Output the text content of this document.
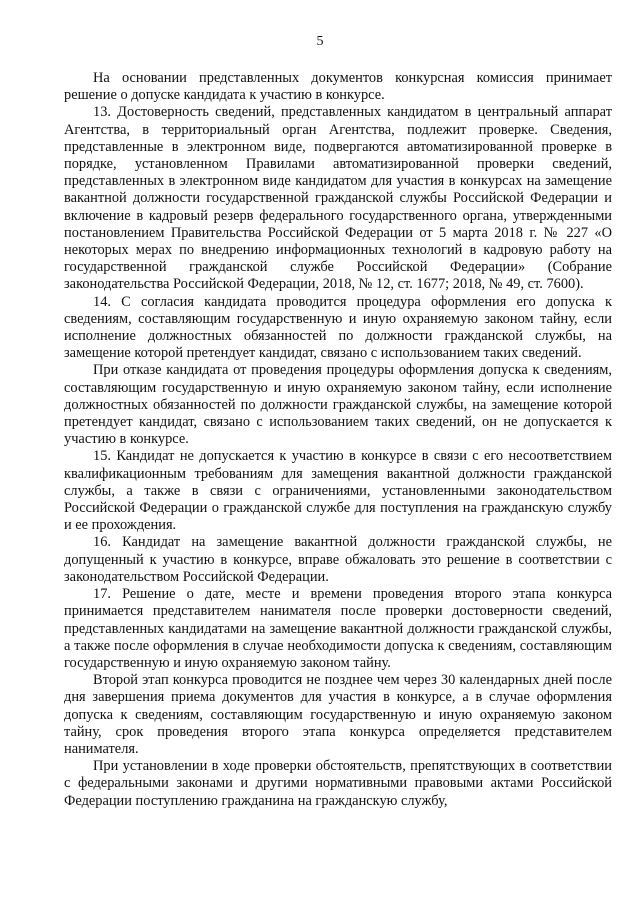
5

На основании представленных документов конкурсная комиссия принимает решение о допуске кандидата к участию в конкурсе.

13. Достоверность сведений, представленных кандидатом в центральный аппарат Агентства, в территориальный орган Агентства, подлежит проверке. Сведения, представленные в электронном виде, подвергаются автоматизированной проверке в порядке, установленном Правилами автоматизированной проверки сведений, представленных в электронном виде кандидатом для участия в конкурсах на замещение вакантной должности государственной гражданской службы Российской Федерации и включение в кадровый резерв федерального государственного органа, утвержденными постановлением Правительства Российской Федерации от 5 марта 2018 г. № 227 «О некоторых мерах по внедрению информационных технологий в кадровую работу на государственной гражданской службе Российской Федерации» (Собрание законодательства Российской Федерации, 2018, № 12, ст. 1677; 2018, № 49, ст. 7600).

14. С согласия кандидата проводится процедура оформления его допуска к сведениям, составляющим государственную и иную охраняемую законом тайну, если исполнение должностных обязанностей по должности гражданской службы, на замещение которой претендует кандидат, связано с использованием таких сведений.

При отказе кандидата от проведения процедуры оформления допуска к сведениям, составляющим государственную и иную охраняемую законом тайну, если исполнение должностных обязанностей по должности гражданской службы, на замещение которой претендует кандидат, связано с использованием таких сведений, он не допускается к участию в конкурсе.

15. Кандидат не допускается к участию в конкурсе в связи с его несоответствием квалификационным требованиям для замещения вакантной должности гражданской службы, а также в связи с ограничениями, установленными законодательством Российской Федерации о гражданской службе для поступления на гражданскую службу и ее прохождения.

16. Кандидат на замещение вакантной должности гражданской службы, не допущенный к участию в конкурсе, вправе обжаловать это решение в соответствии с законодательством Российской Федерации.

17. Решение о дате, месте и времени проведения второго этапа конкурса принимается представителем нанимателя после проверки достоверности сведений, представленных кандидатами на замещение вакантной должности гражданской службы, а также после оформления в случае необходимости допуска к сведениям, составляющим государственную и иную охраняемую законом тайну.

Второй этап конкурса проводится не позднее чем через 30 календарных дней после дня завершения приема документов для участия в конкурсе, а в случае оформления допуска к сведениям, составляющим государственную и иную охраняемую законом тайну, срок проведения второго этапа конкурса определяется представителем нанимателя.

При установлении в ходе проверки обстоятельств, препятствующих в соответствии с федеральными законами и другими нормативными правовыми актами Российской Федерации поступлению гражданина на гражданскую службу,
